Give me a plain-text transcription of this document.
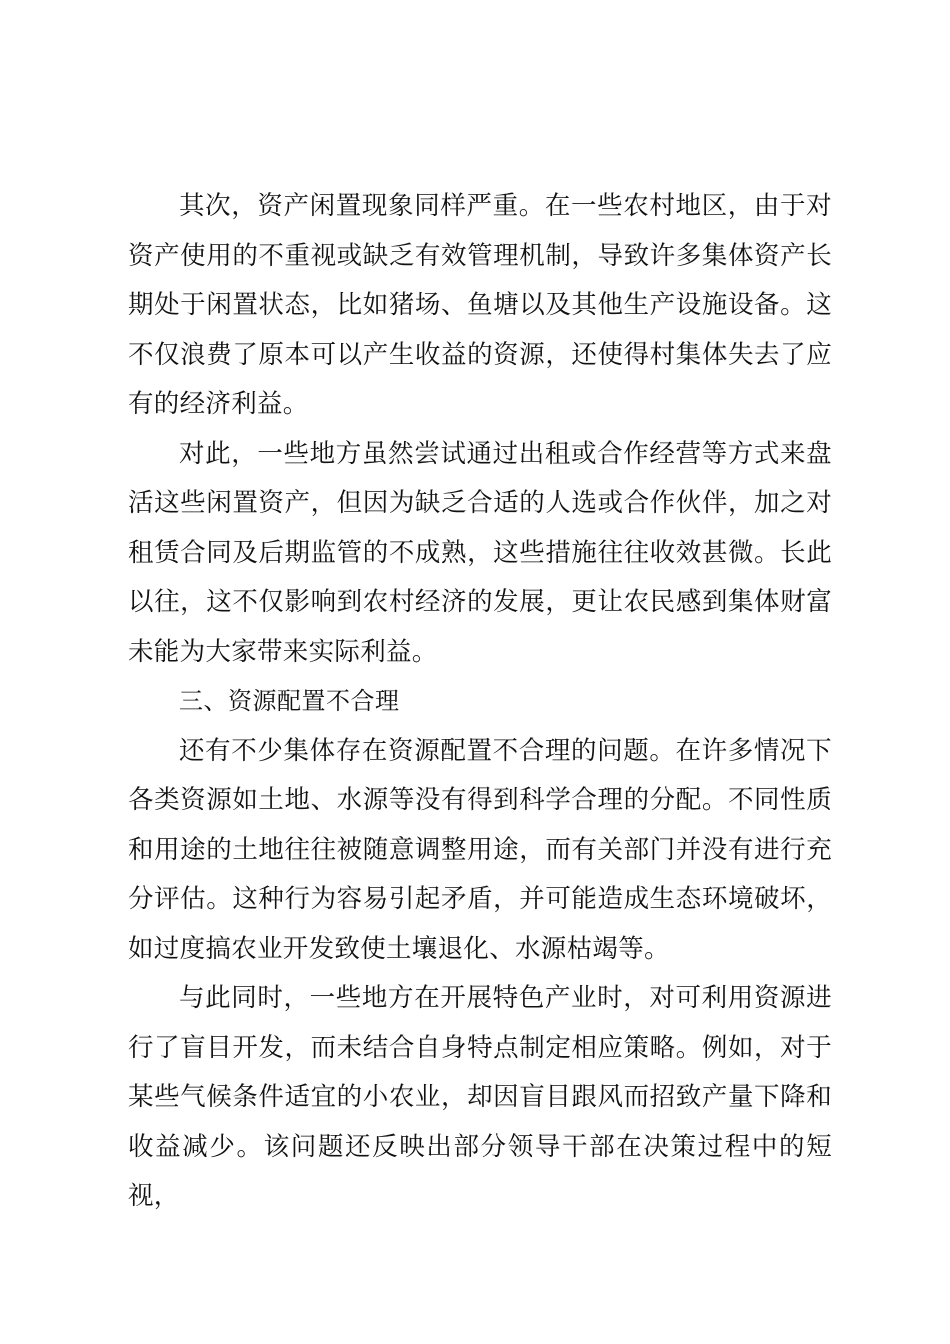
其次，资产闲置现象同样严重。在一些农村地区，由于对资产使用的不重视或缺乏有效管理机制，导致许多集体资产长期处于闲置状态，比如猪场、鱼塘以及其他生产设施设备。这不仅浪费了原本可以产生收益的资源，还使得村集体失去了应有的经济利益。

对此，一些地方虽然尝试通过出租或合作经营等方式来盘活这些闲置资产，但因为缺乏合适的人选或合作伙伴，加之对租赁合同及后期监管的不成熟，这些措施往往收效甚微。长此以往，这不仅影响到农村经济的发展，更让农民感到集体财富未能为大家带来实际利益。

三、资源配置不合理

还有不少集体存在资源配置不合理的问题。在许多情况下各类资源如土地、水源等没有得到科学合理的分配。不同性质和用途的土地往往被随意调整用途，而有关部门并没有进行充分评估。这种行为容易引起矛盾，并可能造成生态环境破坏，如过度搞农业开发致使土壤退化、水源枯竭等。

与此同时，一些地方在开展特色产业时，对可利用资源进行了盲目开发，而未结合自身特点制定相应策略。例如，对于某些气候条件适宜的小农业，却因盲目跟风而招致产量下降和收益减少。该问题还反映出部分领导干部在决策过程中的短视，
